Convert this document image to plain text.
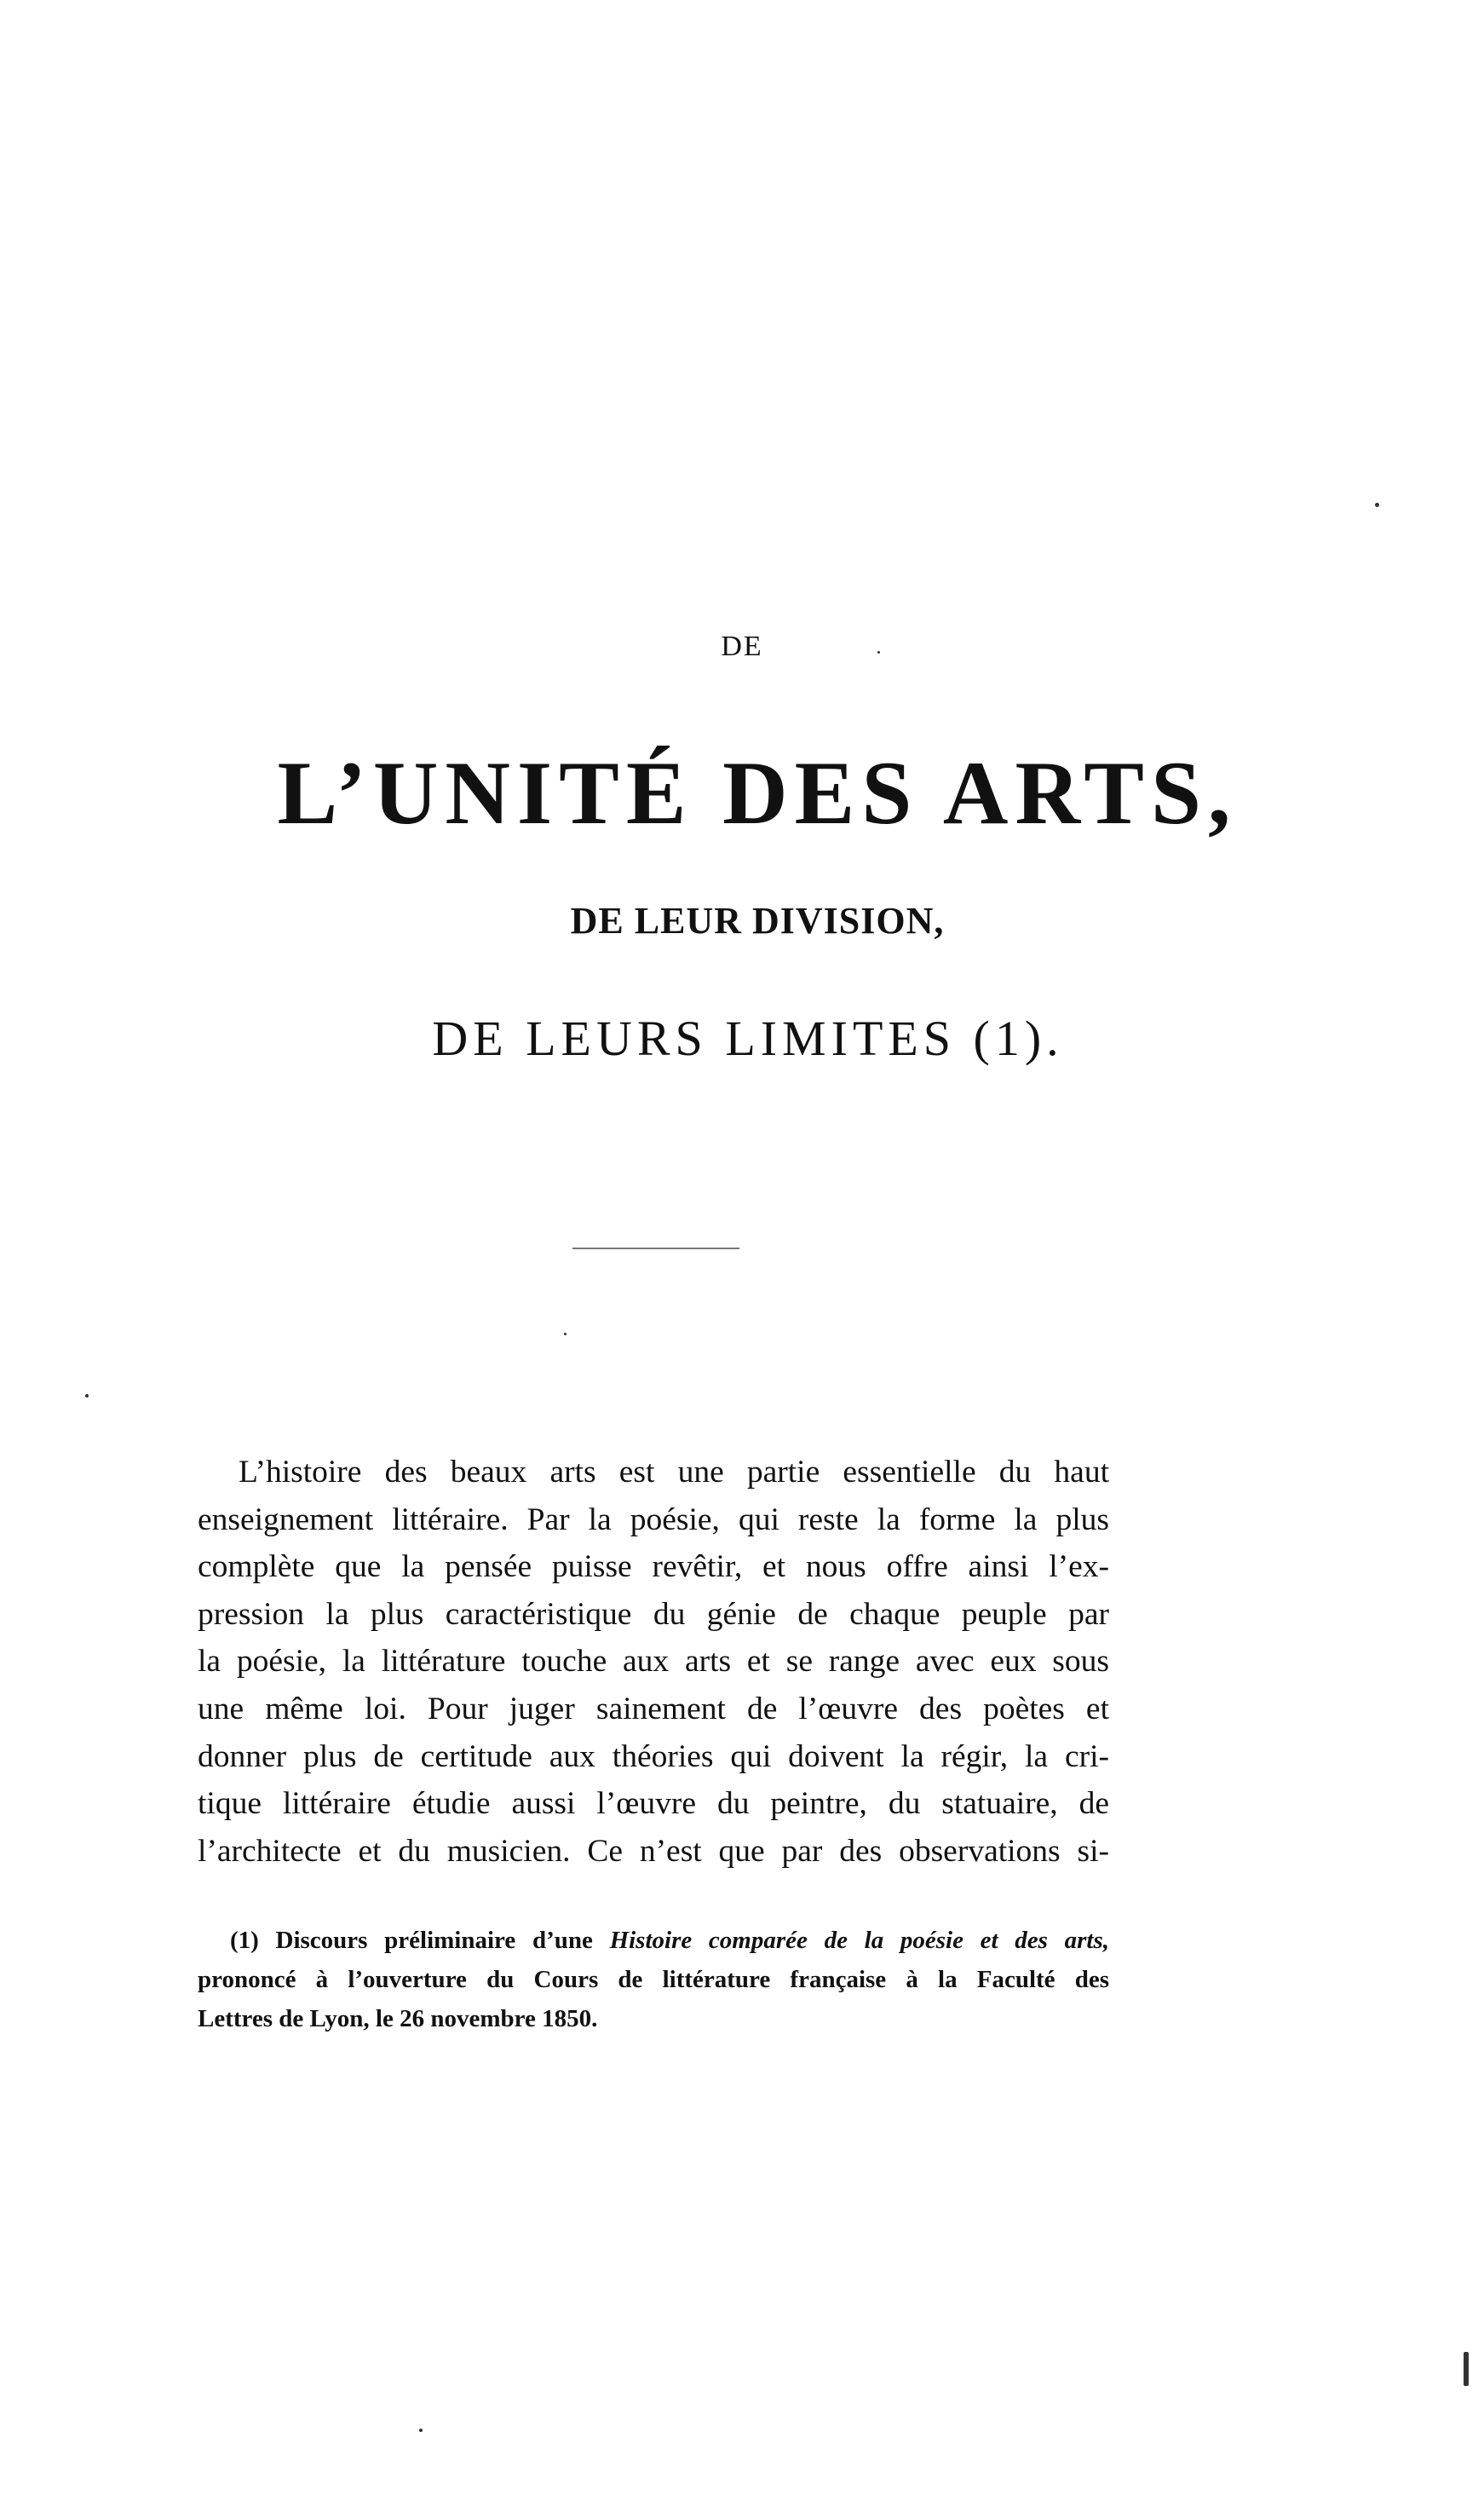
DE
L’UNITÉ DES ARTS,
DE LEUR DIVISION,
DE LEURS LIMITES (1).
L’histoire des beaux arts est une partie essentielle du haut
enseignement littéraire. Par la poésie, qui reste la forme la plus
complète que la pensée puisse revêtir, et nous offre ainsi l’ex-
pression la plus caractéristique du génie de chaque peuple par
la poésie, la littérature touche aux arts et se range avec eux sous
une même loi. Pour juger sainement de l’œuvre des poètes et
donner plus de certitude aux théories qui doivent la régir, la cri-
tique littéraire étudie aussi l’œuvre du peintre, du statuaire, de
l’architecte et du musicien. Ce n’est que par des observations si-
(1) Discours préliminaire d’une Histoire comparée de la poésie et des arts,
prononcé à l’ouverture du Cours de littérature française à la Faculté des
Lettres de Lyon, le 26 novembre 1850.
